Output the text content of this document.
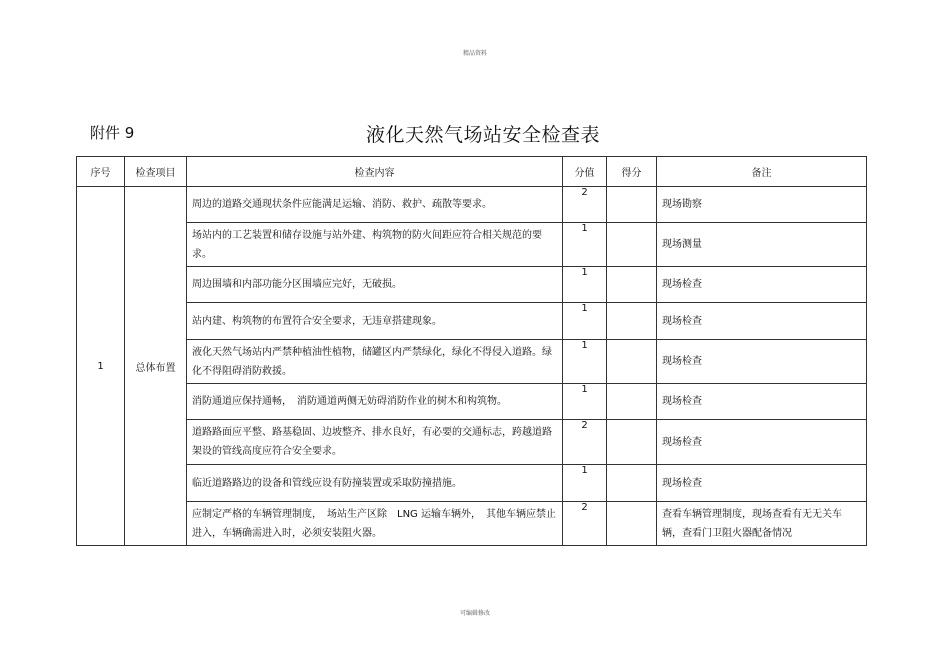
精品资料
附件 9	液化天然气场站安全检查表
序号	检查项目	检查内容	分值	得分	备注
1	总体布置	周边的道路交通现状条件应能满足运输、消防、救护、疏散等要求。	2		现场勘察
		场站内的工艺装置和储存设施与站外建、构筑物的防火间距应符合相关规范的要求。	1		现场测量
		周边围墙和内部功能分区围墙应完好，无破损。	1		现场检查
		站内建、构筑物的布置符合安全要求，无违章搭建现象。	1		现场检查
		液化天然气场站内严禁种植油性植物，储罐区内严禁绿化，绿化不得侵入道路。绿化不得阻碍消防救援。	1		现场检查
		消防通道应保持通畅，　消防通道两侧无妨碍消防作业的树木和构筑物。	1		现场检查
		道路路面应平整、路基稳固、边坡整齐、排水良好，有必要的交通标志，跨越道路架设的管线高度应符合安全要求。	2		现场检查
		临近道路路边的设备和管线应设有防撞装置或采取防撞措施。	1		现场检查
		应制定严格的车辆管理制度，　场站生产区除　LNG 运输车辆外，　其他车辆应禁止进入，车辆确需进入时，必须安装阻火器。	2		查看车辆管理制度，现场查看有无无关车辆，查看门卫阻火器配备情况
可编辑修改
